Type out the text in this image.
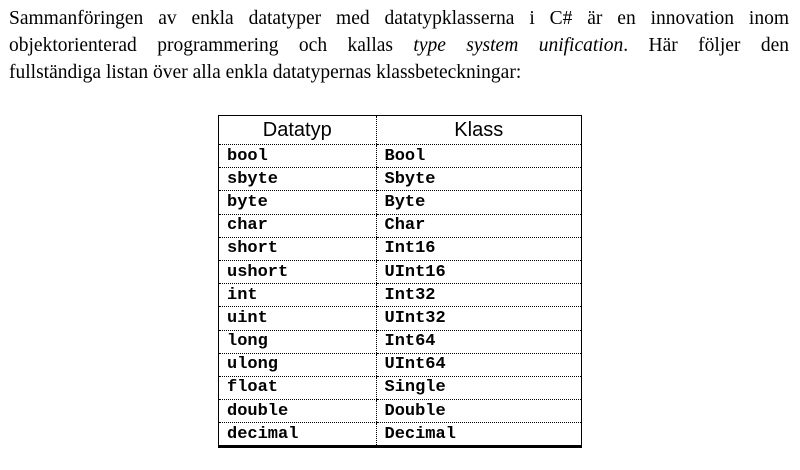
Sammanföringen av enkla datatyper med datatypklasserna i C# är en innovation inom
objektorienterad programmering och kallas type system unification. Här följer den
fullständiga listan över alla enkla datatypernas klassbeteckningar:
Datatyp	Klass
bool	Bool
sbyte	Sbyte
byte	Byte
char	Char
short	Int16
ushort	UInt16
int	Int32
uint	UInt32
long	Int64
ulong	UInt64
float	Single
double	Double
decimal	Decimal
